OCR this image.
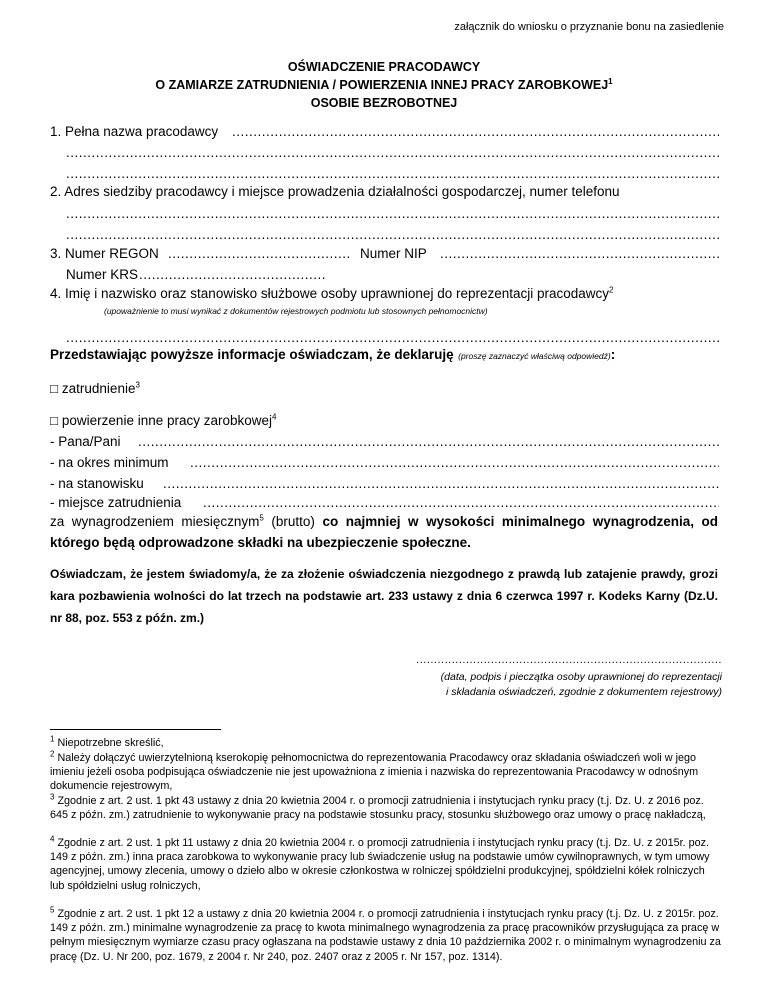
załącznik do wniosku o przyznanie bonu na zasiedlenie
OŚWIADCZENIE PRACODAWCY
O ZAMIARZE ZATRUDNIENIA / POWIERZENIA INNEJ PRACY ZAROBKOWEJ$^1$
OSOBIE BEZROBOTNEJ
1. Pełna nazwa pracodawcy
.....
.....
.....
2. Adres siedziby pracodawcy i miejsce prowadzenia działalności gospodarczej, numer telefonu
.....
.....
3. Numer REGON
.....	Numer NIP
.....
Numer KRS
.....
4. Imię i nazwisko oraz stanowisko służbowe osoby uprawnionej do reprezentacji pracodawcy$^2$
(upoważnienie to musi wynikać z dokumentów rejestrowych podmiotu lub stosownych pełnomocnictw)
.....
Przedstawiając powyższe informacje oświadczam, że deklaruję (proszę zaznaczyć właściwą odpowiedź):
□ zatrudnienie$^3$
□ powierzenie inne pracy zarobkowej$^4$
- Pana/Pani
.....
- na okres minimum
.....
- na stanowisku
.....
- miejsce zatrudnienia
.....
za wynagrodzeniem miesięcznym$^5$ (brutto) co najmniej w wysokości minimalnego wynagrodzenia, od
którego będą odprowadzone składki na ubezpieczenie społeczne.
Oświadczam, że jestem świadomy/a, że za złożenie oświadczenia niezgodnego z prawdą lub zatajenie prawdy, grozi kara pozbawienia wolności do lat trzech na podstawie art. 233 ustawy z dnia 6 czerwca 1997 r. Kodeks Karny (Dz.U. nr 88, poz. 553 z późn. zm.)
......................................................................................
(data, podpis i pieczątka osoby uprawnionej do reprezentacji
i składania oświadczeń, zgodnie z dokumentem rejestrowy)
$^1$ Niepotrzebne skreślić,
$^2$ Należy dołączyć uwierzytelnioną kserokopię pełnomocnictwa do reprezentowania Pracodawcy oraz składania oświadczeń woli w jego imieniu jeżeli osoba podpisująca oświadczenie nie jest upoważniona z imienia i nazwiska do reprezentowania Pracodawcy w odnośnym dokumencie rejestrowym,
$^3$ Zgodnie z art. 2 ust. 1 pkt 43 ustawy z dnia 20 kwietnia 2004 r. o promocji zatrudnienia i instytucjach rynku pracy (t.j. Dz. U. z 2016 poz. 645 z późn. zm.) zatrudnienie to wykonywanie pracy na podstawie stosunku pracy, stosunku służbowego oraz umowy o pracę nakładczą,
$^4$ Zgodnie z art. 2 ust. 1 pkt 11 ustawy z dnia 20 kwietnia 2004 r. o promocji zatrudnienia i instytucjach rynku pracy (t.j. Dz. U. z 2015r. poz. 149 z późn. zm.) inna praca zarobkowa to wykonywanie pracy lub świadczenie usług na podstawie umów cywilnoprawnych, w tym umowy agencyjnej, umowy zlecenia, umowy o dzieło albo w okresie członkostwa w rolniczej spółdzielni produkcyjnej, spółdzielni kółek rolniczych lub spółdzielni usług rolniczych,
$^5$ Zgodnie z art. 2 ust. 1 pkt 12 a ustawy z dnia 20 kwietnia 2004 r. o promocji zatrudnienia i instytucjach rynku pracy (t.j. Dz. U. z 2015r. poz. 149 z późn. zm.) minimalne wynagrodzenie za pracę to kwota minimalnego wynagrodzenia za pracę pracowników przysługująca za pracę w pełnym miesięcznym wymiarze czasu pracy ogłaszana na podstawie ustawy z dnia 10 października 2002 r. o minimalnym wynagrodzeniu za pracę (Dz. U. Nr 200, poz. 1679, z 2004 r. Nr 240, poz. 2407 oraz z 2005 r. Nr 157, poz. 1314).
